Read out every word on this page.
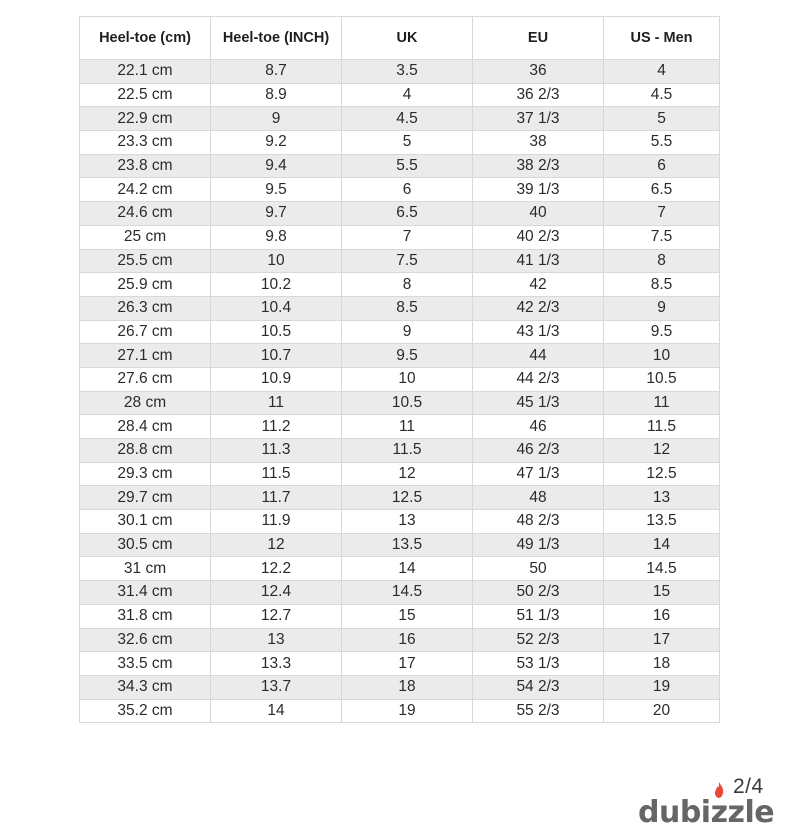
Heel-toe (cm)	Heel-toe (INCH)	UK	EU	US - Men
22.1 cm	8.7	3.5	36	4
22.5 cm	8.9	4	36 2/3	4.5
22.9 cm	9	4.5	37 1/3	5
23.3 cm	9.2	5	38	5.5
23.8 cm	9.4	5.5	38 2/3	6
24.2 cm	9.5	6	39 1/3	6.5
24.6 cm	9.7	6.5	40	7
25 cm	9.8	7	40 2/3	7.5
25.5 cm	10	7.5	41 1/3	8
25.9 cm	10.2	8	42	8.5
26.3 cm	10.4	8.5	42 2/3	9
26.7 cm	10.5	9	43 1/3	9.5
27.1 cm	10.7	9.5	44	10
27.6 cm	10.9	10	44 2/3	10.5
28 cm	11	10.5	45 1/3	11
28.4 cm	11.2	11	46	11.5
28.8 cm	11.3	11.5	46 2/3	12
29.3 cm	11.5	12	47 1/3	12.5
29.7 cm	11.7	12.5	48	13
30.1 cm	11.9	13	48 2/3	13.5
30.5 cm	12	13.5	49 1/3	14
31 cm	12.2	14	50	14.5
31.4 cm	12.4	14.5	50 2/3	15
31.8 cm	12.7	15	51 1/3	16
32.6 cm	13	16	52 2/3	17
33.5 cm	13.3	17	53 1/3	18
34.3 cm	13.7	18	54 2/3	19
35.2 cm	14	19	55 2/3	20
2/4
dubizzle
